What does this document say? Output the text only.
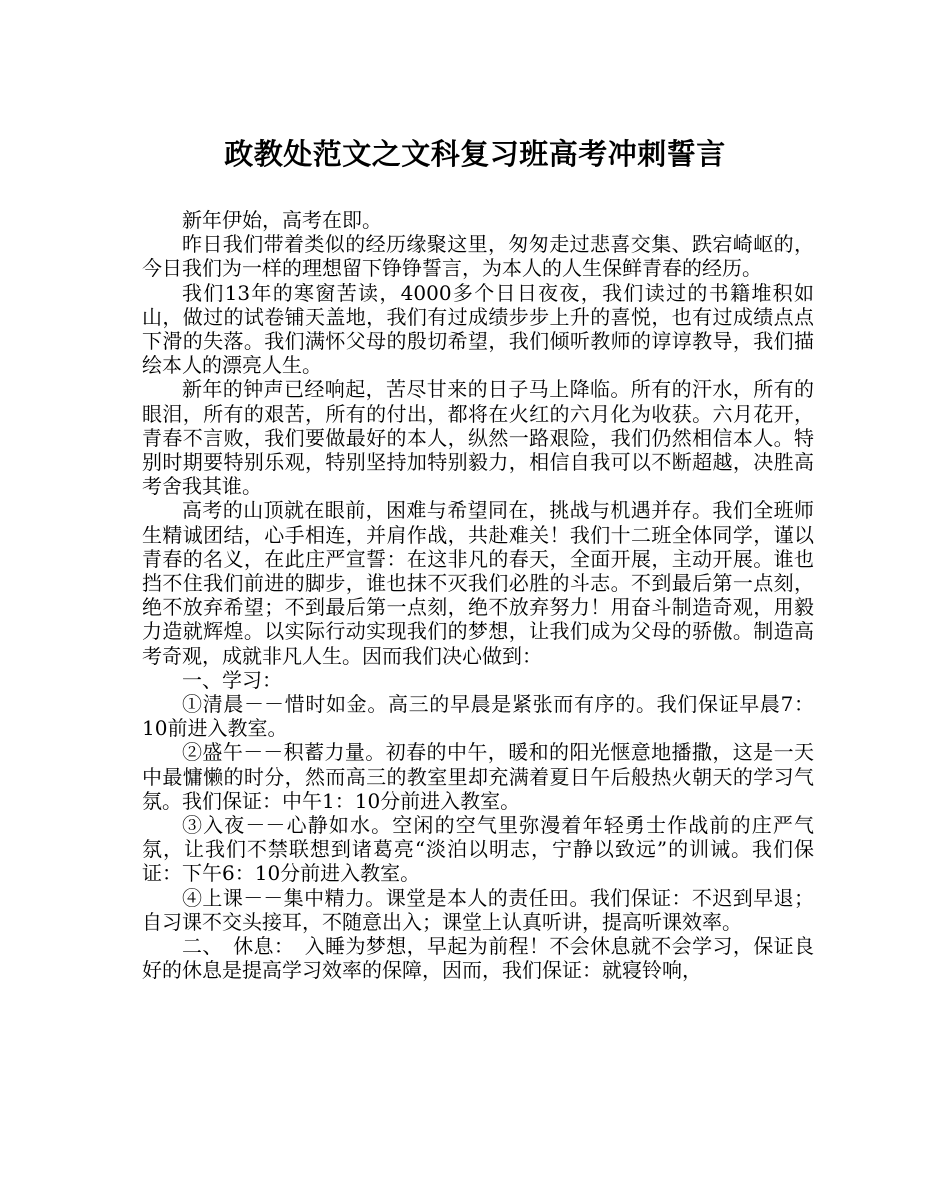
政教处范文之文科复习班高考冲刺誓言

新年伊始，高考在即。

昨日我们带着类似的经历缘聚这里，匆匆走过悲喜交集、跌宕崎岖的，今日我们为一样的理想留下铮铮誓言，为本人的人生保鲜青春的经历。

我们13年的寒窗苦读，4000多个日日夜夜，我们读过的书籍堆积如山，做过的试卷铺天盖地，我们有过成绩步步上升的喜悦，也有过成绩点点下滑的失落。我们满怀父母的殷切希望，我们倾听教师的谆谆教导，我们描绘本人的漂亮人生。

新年的钟声已经响起，苦尽甘来的日子马上降临。所有的汗水，所有的眼泪，所有的艰苦，所有的付出，都将在火红的六月化为收获。六月花开，青春不言败，我们要做最好的本人，纵然一路艰险，我们仍然相信本人。特别时期要特别乐观，特别坚持加特别毅力，相信自我可以不断超越，决胜高考舍我其谁。

高考的山顶就在眼前，困难与希望同在，挑战与机遇并存。我们全班师生精诚团结，心手相连，并肩作战，共赴难关！我们十二班全体同学，谨以青春的名义，在此庄严宣誓：在这非凡的春天，全面开展，主动开展。谁也挡不住我们前进的脚步，谁也抹不灭我们必胜的斗志。不到最后第一点刻，绝不放弃希望；不到最后第一点刻，绝不放弃努力！用奋斗制造奇观，用毅力造就辉煌。以实际行动实现我们的梦想，让我们成为父母的骄傲。制造高考奇观，成就非凡人生。因而我们决心做到：

一、学习：

①清晨－－惜时如金。高三的早晨是紧张而有序的。我们保证早晨7：10前进入教室。

②盛午－－积蓄力量。初春的中午，暖和的阳光惬意地播撒，这是一天中最慵懒的时分，然而高三的教室里却充满着夏日午后般热火朝天的学习气氛。我们保证：中午1：10分前进入教室。

③入夜－－心静如水。空闲的空气里弥漫着年轻勇士作战前的庄严气氛，让我们不禁联想到诸葛亮“淡泊以明志，宁静以致远”的训诫。我们保证：下午6：10分前进入教室。

④上课－－集中精力。课堂是本人的责任田。我们保证：不迟到早退；自习课不交头接耳，不随意出入；课堂上认真听讲，提高听课效率。

二、　休息：　入睡为梦想，早起为前程！不会休息就不会学习，保证良好的休息是提高学习效率的保障，因而，我们保证：就寝铃响，
